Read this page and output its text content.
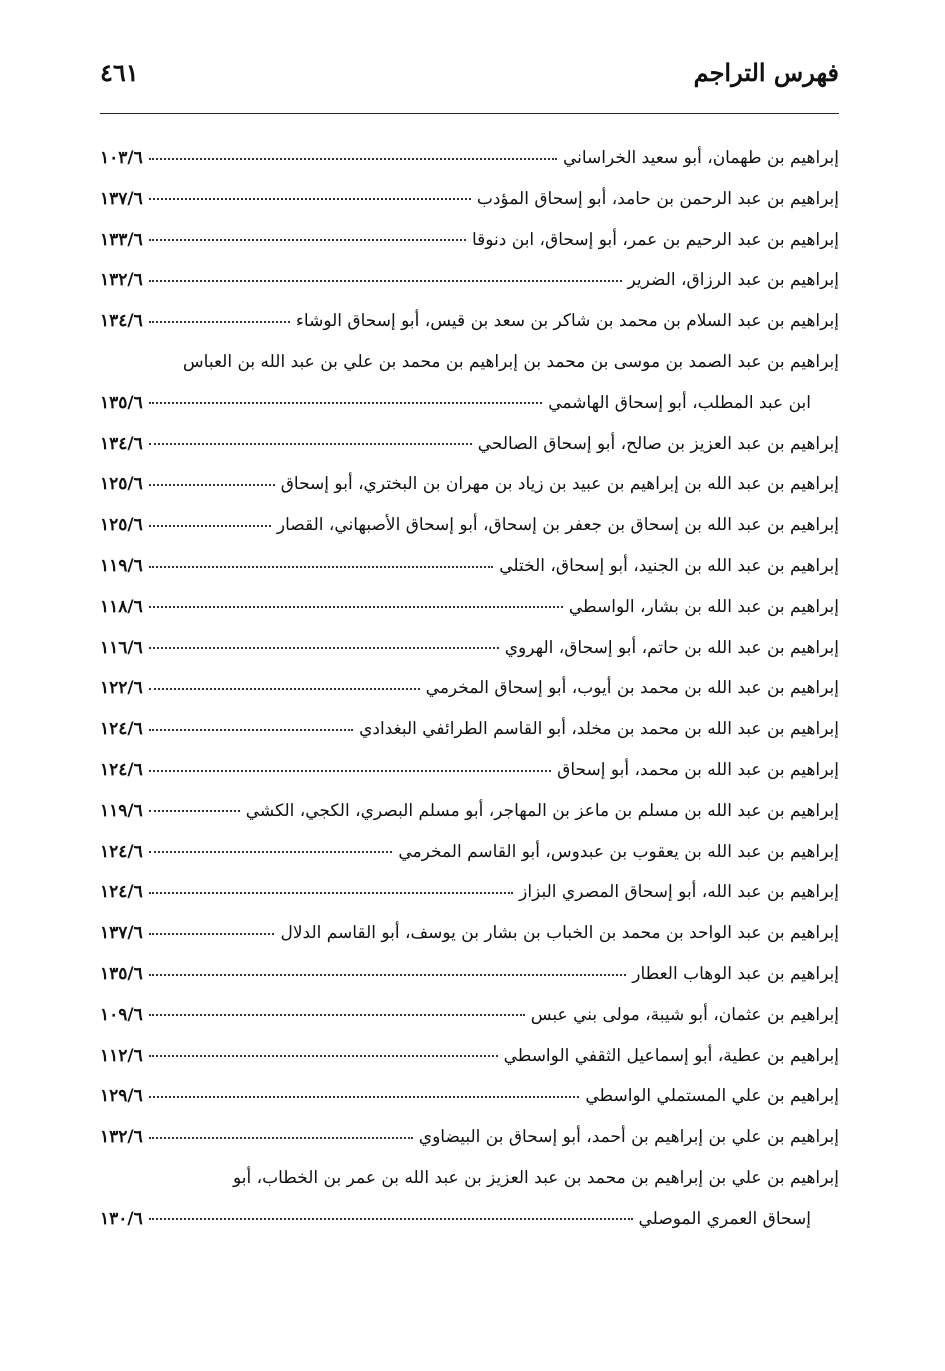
فهرس التراجم
٤٦١
إبراهيم بن طهمان، أبو سعيد الخراساني
١٠٣/٦
إبراهيم بن عبد الرحمن بن حامد، أبو إسحاق المؤدب
١٣٧/٦
إبراهيم بن عبد الرحيم بن عمر، أبو إسحاق، ابن دنوقا
١٣٣/٦
إبراهيم بن عبد الرزاق، الضرير
١٣٢/٦
إبراهيم بن عبد السلام بن محمد بن شاكر بن سعد بن قيس، أبو إسحاق الوشاء
١٣٤/٦
إبراهيم بن عبد الصمد بن موسى بن محمد بن إبراهيم بن محمد بن علي بن عبد الله بن العباس
ابن عبد المطلب، أبو إسحاق الهاشمي
١٣٥/٦
إبراهيم بن عبد العزيز بن صالح، أبو إسحاق الصالحي
١٣٤/٦
إبراهيم بن عبد الله بن إبراهيم بن عبيد بن زياد بن مهران بن البختري، أبو إسحاق
١٢٥/٦
إبراهيم بن عبد الله بن إسحاق بن جعفر بن إسحاق، أبو إسحاق الأصبهاني، القصار
١٢٥/٦
إبراهيم بن عبد الله بن الجنيد، أبو إسحاق، الختلي
١١٩/٦
إبراهيم بن عبد الله بن بشار، الواسطي
١١٨/٦
إبراهيم بن عبد الله بن حاتم، أبو إسحاق، الهروي
١١٦/٦
إبراهيم بن عبد الله بن محمد بن أيوب، أبو إسحاق المخرمي
١٢٢/٦
إبراهيم بن عبد الله بن محمد بن مخلد، أبو القاسم الطرائفي البغدادي
١٢٤/٦
إبراهيم بن عبد الله بن محمد، أبو إسحاق
١٢٤/٦
إبراهيم بن عبد الله بن مسلم بن ماعز بن المهاجر، أبو مسلم البصري، الكجي، الكشي
١١٩/٦
إبراهيم بن عبد الله بن يعقوب بن عبدوس، أبو القاسم المخرمي
١٢٤/٦
إبراهيم بن عبد الله، أبو إسحاق المصري البزاز
١٢٤/٦
إبراهيم بن عبد الواحد بن محمد بن الخباب بن بشار بن يوسف، أبو القاسم الدلال
١٣٧/٦
إبراهيم بن عبد الوهاب العطار
١٣٥/٦
إبراهيم بن عثمان، أبو شيبة، مولى بني عبس
١٠٩/٦
إبراهيم بن عطية، أبو إسماعيل الثقفي الواسطي
١١٢/٦
إبراهيم بن علي المستملي الواسطي
١٢٩/٦
إبراهيم بن علي بن إبراهيم بن أحمد، أبو إسحاق بن البيضاوي
١٣٢/٦
إبراهيم بن علي بن إبراهيم بن محمد بن عبد العزيز بن عبد الله بن عمر بن الخطاب، أبو
إسحاق العمري الموصلي
١٣٠/٦
